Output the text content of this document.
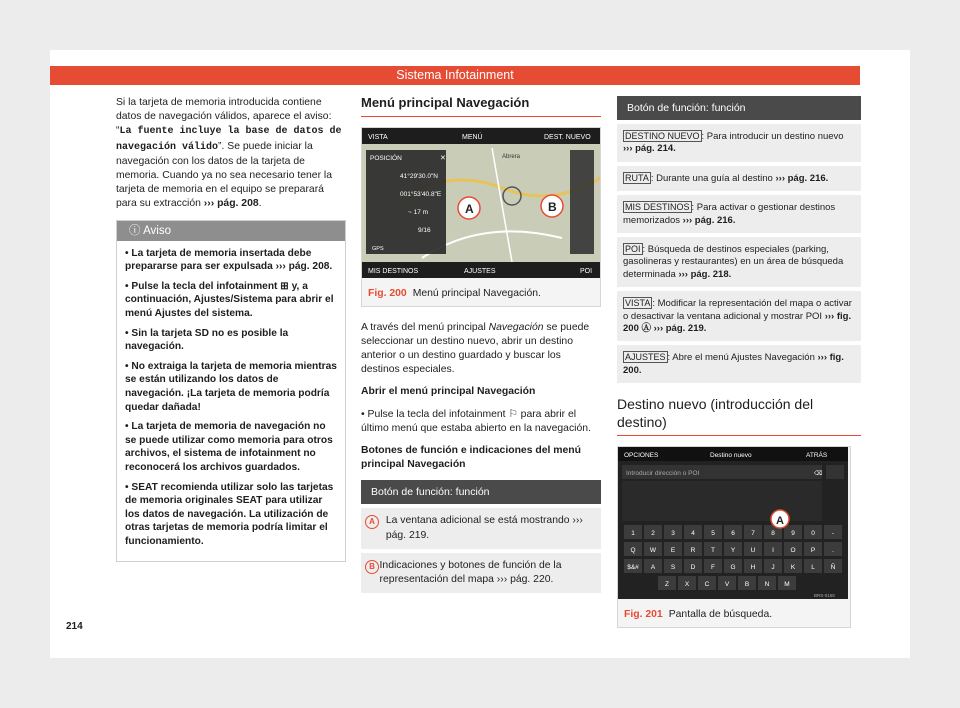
Sistema Infotainment

Si la tarjeta de memoria introducida contiene datos de navegación válidos, aparece el aviso: “La fuente incluye la base de datos de navegación válido”. Se puede iniciar la navegación con los datos de la tarjeta de memoria. Cuando ya no sea necesario tener la tarjeta de memoria en el equipo se preparará para su extracción ››› pág. 208.

ⓘ Aviso
• La tarjeta de memoria insertada debe prepararse para ser expulsada ››› pág. 208.
• Pulse la tecla del infotainment ⊞ y, a continuación, Ajustes/Sistema para abrir el menú Ajustes del sistema.
• Sin la tarjeta SD no es posible la navegación.
• No extraiga la tarjeta de memoria mientras se están utilizando los datos de navegación. ¡La tarjeta de memoria podría quedar dañada!
• La tarjeta de memoria de navegación no se puede utilizar como memoria para otros archivos, el sistema de infotainment no reconocerá los archivos guardados.
• SEAT recomienda utilizar solo las tarjetas de memoria originales SEAT para utilizar los datos de navegación. La utilización de otras tarjetas de memoria podría limitar el funcionamiento.
Menú principal Navegación
VISTA	MENÚ	DEST. NUEVO
POSICIÓN	✕
41°29'30.0"N
001°53'40.8"E
~ 17 m
9/16
GPS
Abrera
A	B
MIS DESTINOS	AJUSTES	POI
BRS-0157
Fig. 200 Menú principal Navegación.

A través del menú principal Navegación se puede seleccionar un destino nuevo, abrir un destino anterior o un destino guardado y buscar los destinos especiales.

Abrir el menú principal Navegación

• Pulse la tecla del infotainment ⚐ para abrir el último menú que estaba abierto en la navegación.

Botones de función e indicaciones del menú principal Navegación

Botón de función: función
A	La ventana adicional se está mostrando ››› pág. 219.
B Indicaciones y botones de función de la representación del mapa ››› pág. 220.
Botón de función: función
DESTINO NUEVO : Para introducir un destino nuevo ››› pág. 214.
RUTA : Durante una guía al destino ››› pág. 216.
MIS DESTINOS : Para activar o gestionar destinos memorizados ››› pág. 216.
POI : Búsqueda de destinos especiales (parking, gasolineras y restaurantes) en un área de búsqueda determinada ››› pág. 218.
VISTA : Modificar la representación del mapa o activar o desactivar la ventana adicional y mostrar POI ››› fig. 200 Ⓐ ››› pág. 219.
AJUSTES : Abre el menú Ajustes Navegación ››› fig. 200.
Destino nuevo (introducción del destino)
OPCIONES	Destino nuevo	ATRÁS
Introducir dirección o POI	⌫
1	2	3	4	5	6	7	8	9	0	-
Q W E R T Y U	I	O P	.
$&# A S D F G H J K L Ñ
Z X C V B N M
A
BRS-0158
Fig. 201 Pantalla de búsqueda.
214
